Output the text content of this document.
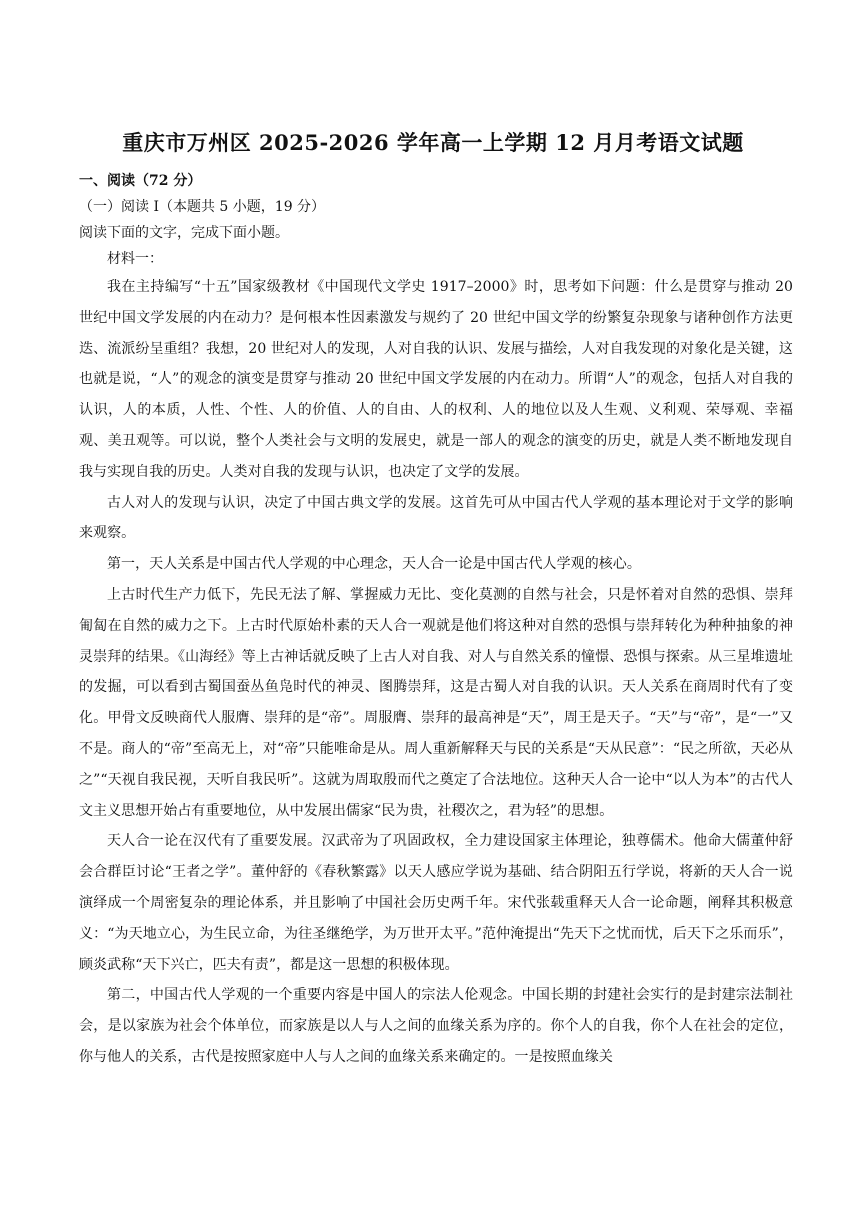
重庆市万州区 2025-2026 学年高一上学期 12 月月考语文试题

一、阅读（72 分）

（一）阅读 I（本题共 5 小题，19 分）

阅读下面的文字，完成下面小题。

材料一：

我在主持编写“十五”国家级教材《中国现代文学史 1917–2000》时，思考如下问题：什么是贯穿与推动 20 世纪中国文学发展的内在动力？是何根本性因素激发与规约了 20 世纪中国文学的纷繁复杂现象与诸种创作方法更迭、流派纷呈重组？我想，20 世纪对人的发现，人对自我的认识、发展与描绘，人对自我发现的对象化是关键，这也就是说，“人”的观念的演变是贯穿与推动 20 世纪中国文学发展的内在动力。所谓“人”的观念，包括人对自我的认识，人的本质，人性、个性、人的价值、人的自由、人的权利、人的地位以及人生观、义利观、荣辱观、幸福观、美丑观等。可以说，整个人类社会与文明的发展史，就是一部人的观念的演变的历史，就是人类不断地发现自我与实现自我的历史。人类对自我的发现与认识，也决定了文学的发展。

古人对人的发现与认识，决定了中国古典文学的发展。这首先可从中国古代人学观的基本理论对于文学的影响来观察。

第一，天人关系是中国古代人学观的中心理念，天人合一论是中国古代人学观的核心。

上古时代生产力低下，先民无法了解、掌握威力无比、变化莫测的自然与社会，只是怀着对自然的恐惧、崇拜匍匐在自然的威力之下。上古时代原始朴素的天人合一观就是他们将这种对自然的恐惧与崇拜转化为种种抽象的神灵崇拜的结果。《山海经》等上古神话就反映了上古人对自我、对人与自然关系的憧憬、恐惧与探索。从三星堆遗址的发掘，可以看到古蜀国蚕丛鱼凫时代的神灵、图腾崇拜，这是古蜀人对自我的认识。天人关系在商周时代有了变化。甲骨文反映商代人服膺、崇拜的是“帝”。周服膺、崇拜的最高神是“天”，周王是天子。“天”与“帝”，是“一”又不是。商人的“帝”至高无上，对“帝”只能唯命是从。周人重新解释天与民的关系是“天从民意”：“民之所欲，天必从之”“天视自我民视，天听自我民听”。这就为周取殷而代之奠定了合法地位。这种天人合一论中“以人为本”的古代人文主义思想开始占有重要地位，从中发展出儒家“民为贵，社稷次之，君为轻”的思想。

天人合一论在汉代有了重要发展。汉武帝为了巩固政权，全力建设国家主体理论，独尊儒术。他命大儒董仲舒会合群臣讨论“王者之学”。董仲舒的《春秋繁露》以天人感应学说为基础、结合阴阳五行学说，将新的天人合一说演绎成一个周密复杂的理论体系，并且影响了中国社会历史两千年。宋代张载重释天人合一论命题，阐释其积极意义：“为天地立心，为生民立命，为往圣继绝学，为万世开太平。”范仲淹提出“先天下之忧而忧，后天下之乐而乐”，顾炎武称“天下兴亡，匹夫有责”，都是这一思想的积极体现。

第二，中国古代人学观的一个重要内容是中国人的宗法人伦观念。中国长期的封建社会实行的是封建宗法制社会，是以家族为社会个体单位，而家族是以人与人之间的血缘关系为序的。你个人的自我，你个人在社会的定位，你与他人的关系，古代是按照家庭中人与人之间的血缘关系来确定的。一是按照血缘关
